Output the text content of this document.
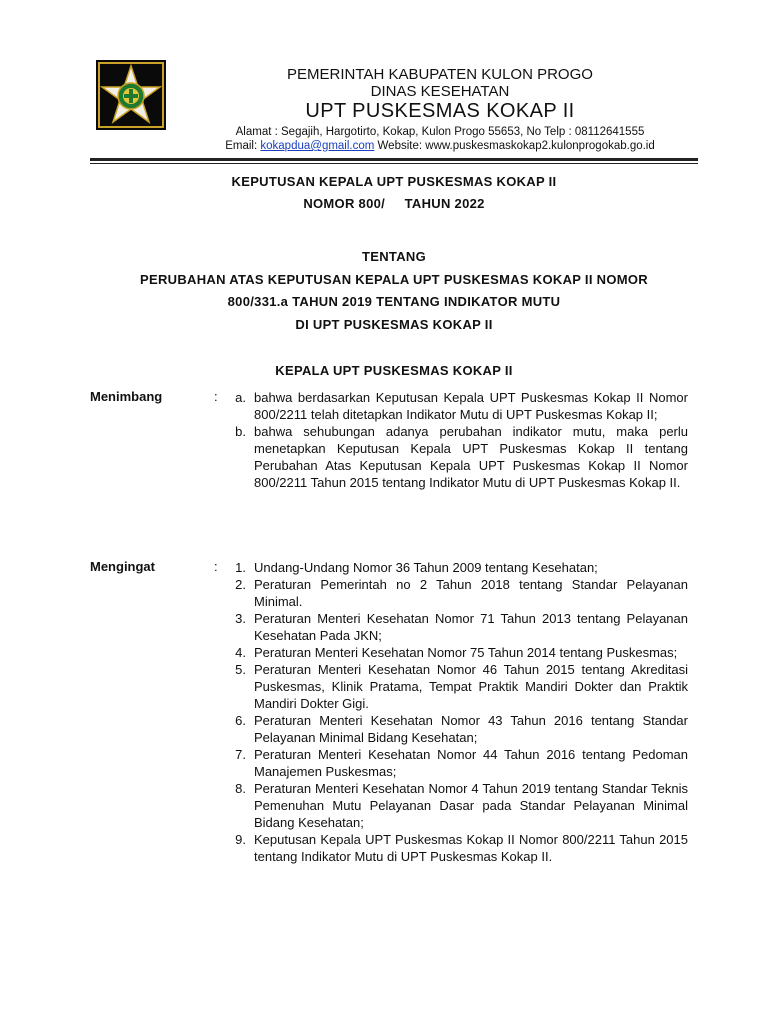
PEMERINTAH KABUPATEN KULON PROGO
DINAS KESEHATAN
UPT PUSKESMAS KOKAP II
Alamat : Segajih, Hargotirto, Kokap, Kulon Progo 55653, No Telp : 08112641555
Email: kokapdua@gmail.com Website: www.puskesmaskokap2.kulonprogokab.go.id
KEPUTUSAN KEPALA UPT PUSKESMAS KOKAP II
NOMOR 800/     TAHUN 2022
TENTANG
PERUBAHAN ATAS KEPUTUSAN KEPALA UPT PUSKESMAS KOKAP II NOMOR
800/331.a TAHUN 2019 TENTANG INDIKATOR MUTU
DI UPT PUSKESMAS KOKAP II
KEPALA UPT PUSKESMAS KOKAP II
Menimbang	:	a. bahwa berdasarkan Keputusan Kepala UPT Puskesmas Kokap II Nomor 800/2211 telah ditetapkan Indikator Mutu di UPT Puskesmas Kokap II;
b. bahwa sehubungan adanya perubahan indikator mutu, maka perlu menetapkan Keputusan Kepala UPT Puskesmas Kokap II tentang Perubahan Atas Keputusan Kepala UPT Puskesmas Kokap II Nomor 800/2211 Tahun 2015 tentang Indikator Mutu di UPT Puskesmas Kokap II.
Mengingat	:	1. Undang-Undang Nomor 36 Tahun 2009 tentang Kesehatan;
2. Peraturan Pemerintah no 2 Tahun 2018 tentang Standar Pelayanan Minimal.
3. Peraturan Menteri Kesehatan Nomor 71 Tahun 2013 tentang Pelayanan Kesehatan Pada JKN;
4. Peraturan Menteri Kesehatan Nomor 75 Tahun 2014 tentang Puskesmas;
5. Peraturan Menteri Kesehatan Nomor 46 Tahun 2015 tentang Akreditasi Puskesmas, Klinik Pratama, Tempat Praktik Mandiri Dokter dan Praktik Mandiri Dokter Gigi.
6. Peraturan Menteri Kesehatan Nomor 43 Tahun 2016 tentang Standar Pelayanan Minimal Bidang Kesehatan;
7. Peraturan Menteri Kesehatan Nomor 44 Tahun 2016 tentang Pedoman Manajemen Puskesmas;
8. Peraturan Menteri Kesehatan Nomor 4 Tahun 2019 tentang Standar Teknis Pemenuhan Mutu Pelayanan Dasar pada Standar Pelayanan Minimal Bidang Kesehatan;
9. Keputusan Kepala UPT Puskesmas Kokap II Nomor 800/2211 Tahun 2015 tentang Indikator Mutu di UPT Puskesmas Kokap II.
